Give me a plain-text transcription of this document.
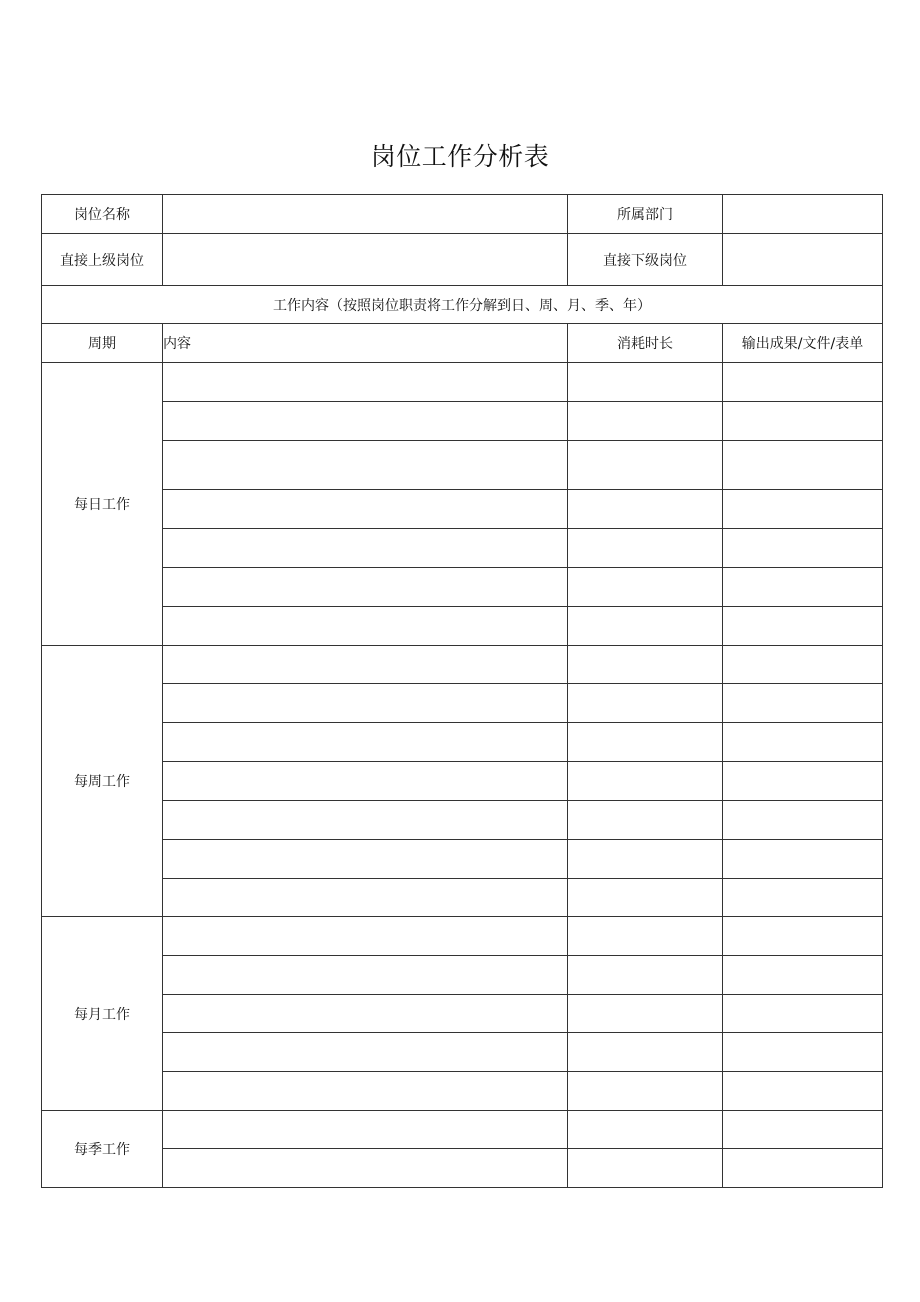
岗位工作分析表
岗位名称		所属部门	
直接上级岗位		直接下级岗位	
工作内容（按照岗位职责将工作分解到日、周、月、季、年）			
周期	内容	消耗时长	输出成果/文件/表单
每日工作			

每周工作			

每月工作			

每季工作			
